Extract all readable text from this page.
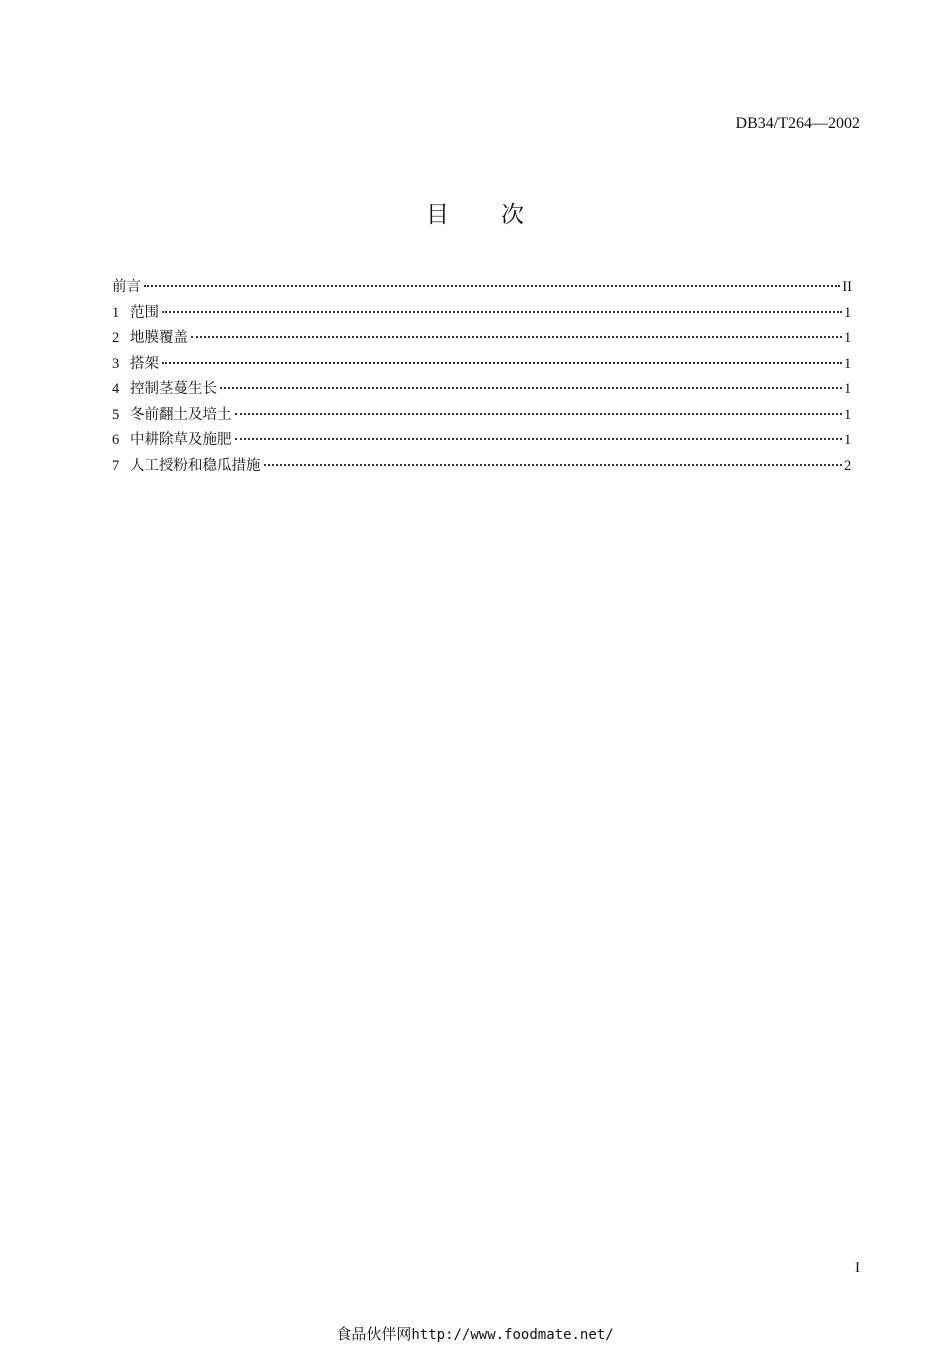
DB34/T264—2002
目次
前言	II
1 范围	1
2 地膜覆盖	1
3 搭架	1
4 控制茎蔓生长	1
5 冬前翻土及培土	1
6 中耕除草及施肥	1
7 人工授粉和稳瓜措施	2
I
食品伙伴网http://www.foodmate.net/
